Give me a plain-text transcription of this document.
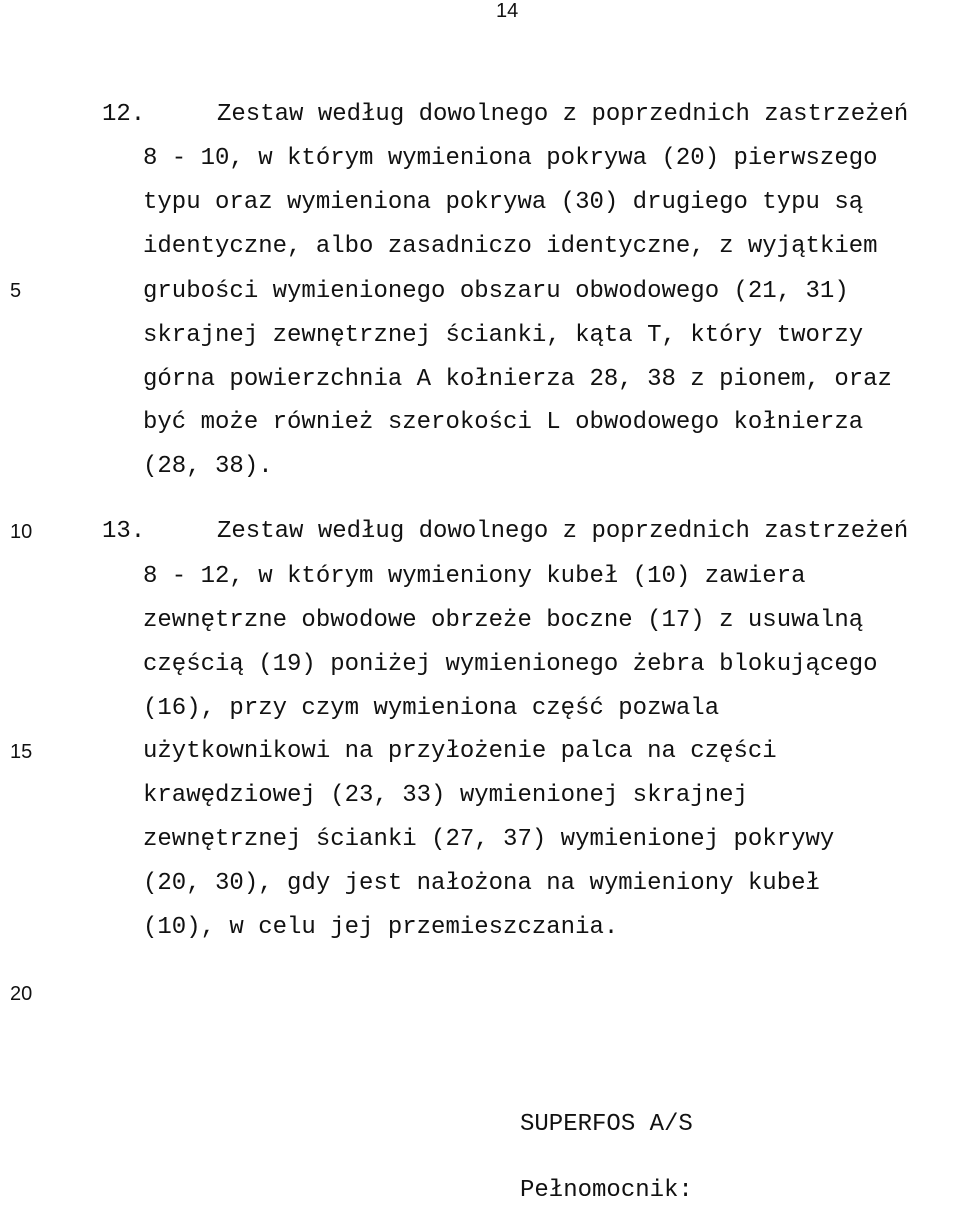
14
5
10
15
20
12.	Zestaw według dowolnego z poprzednich zastrzeżeń
8 - 10, w którym wymieniona pokrywa (20) pierwszego
typu oraz wymieniona pokrywa (30) drugiego typu są
identyczne, albo zasadniczo identyczne, z wyjątkiem
grubości wymienionego obszaru obwodowego (21, 31)
skrajnej zewnętrznej ścianki, kąta T, który tworzy
górna powierzchnia A kołnierza 28, 38 z pionem, oraz
być może również szerokości L obwodowego kołnierza
(28, 38).
13.	Zestaw według dowolnego z poprzednich zastrzeżeń
8 - 12, w którym wymieniony kubeł (10) zawiera
zewnętrzne obwodowe obrzeże boczne (17) z usuwalną
częścią (19) poniżej wymienionego żebra blokującego
(16), przy czym wymieniona część pozwala
użytkownikowi na przyłożenie palca na części
krawędziowej (23, 33) wymienionej skrajnej
zewnętrznej ścianki (27, 37) wymienionej pokrywy
(20, 30), gdy jest nałożona na wymieniony kubeł
(10), w celu jej przemieszczania.
SUPERFOS A/S
Pełnomocnik:
